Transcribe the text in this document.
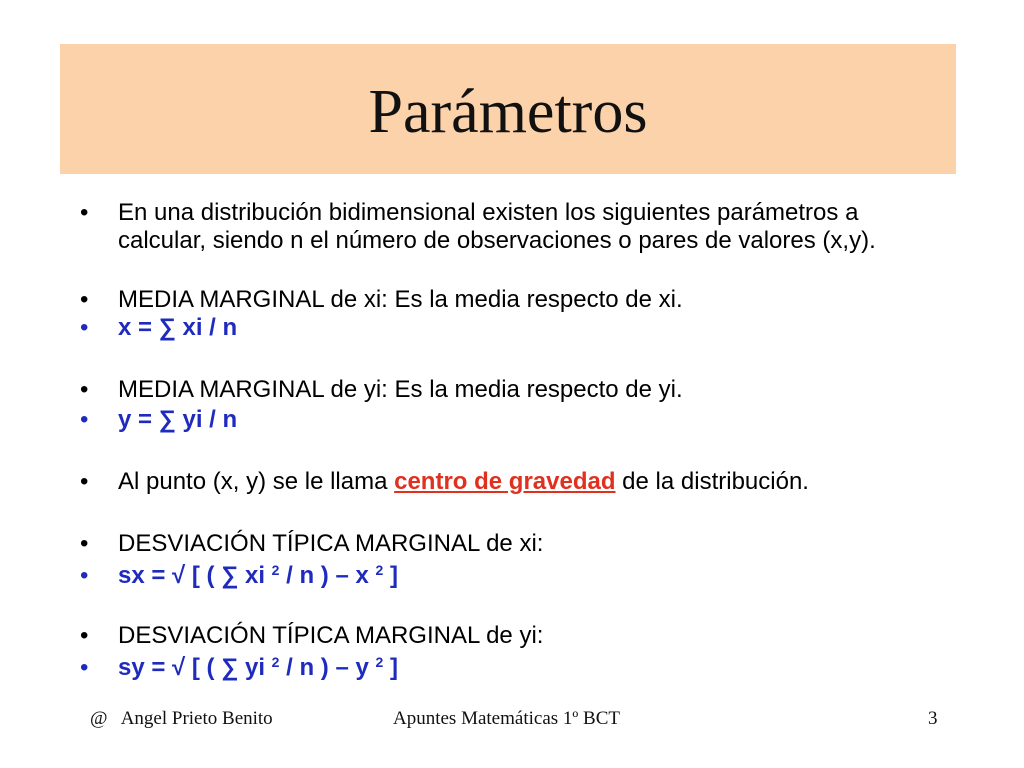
Parámetros
•	En una distribución bidimensional existen los siguientes parámetros a calcular, siendo n el número de observaciones o pares de valores (x,y).
•	MEDIA MARGINAL de xi: Es la media respecto de xi.
•	x = ∑ xi / n
•	MEDIA MARGINAL de yi: Es la media respecto de yi.
•	y = ∑ yi / n
•	Al punto (x, y) se le llama centro de gravedad de la distribución.
•	DESVIACIÓN TÍPICA MARGINAL de xi:
•	sx = √ [ ( ∑ xi $^2$ / n ) – x $^2$ ]
•	DESVIACIÓN TÍPICA MARGINAL de yi:
•	sy = √ [ ( ∑ yi $^2$ / n ) – y $^2$ ]
@   Angel Prieto Benito	Apuntes Matemáticas 1º BCT	3
